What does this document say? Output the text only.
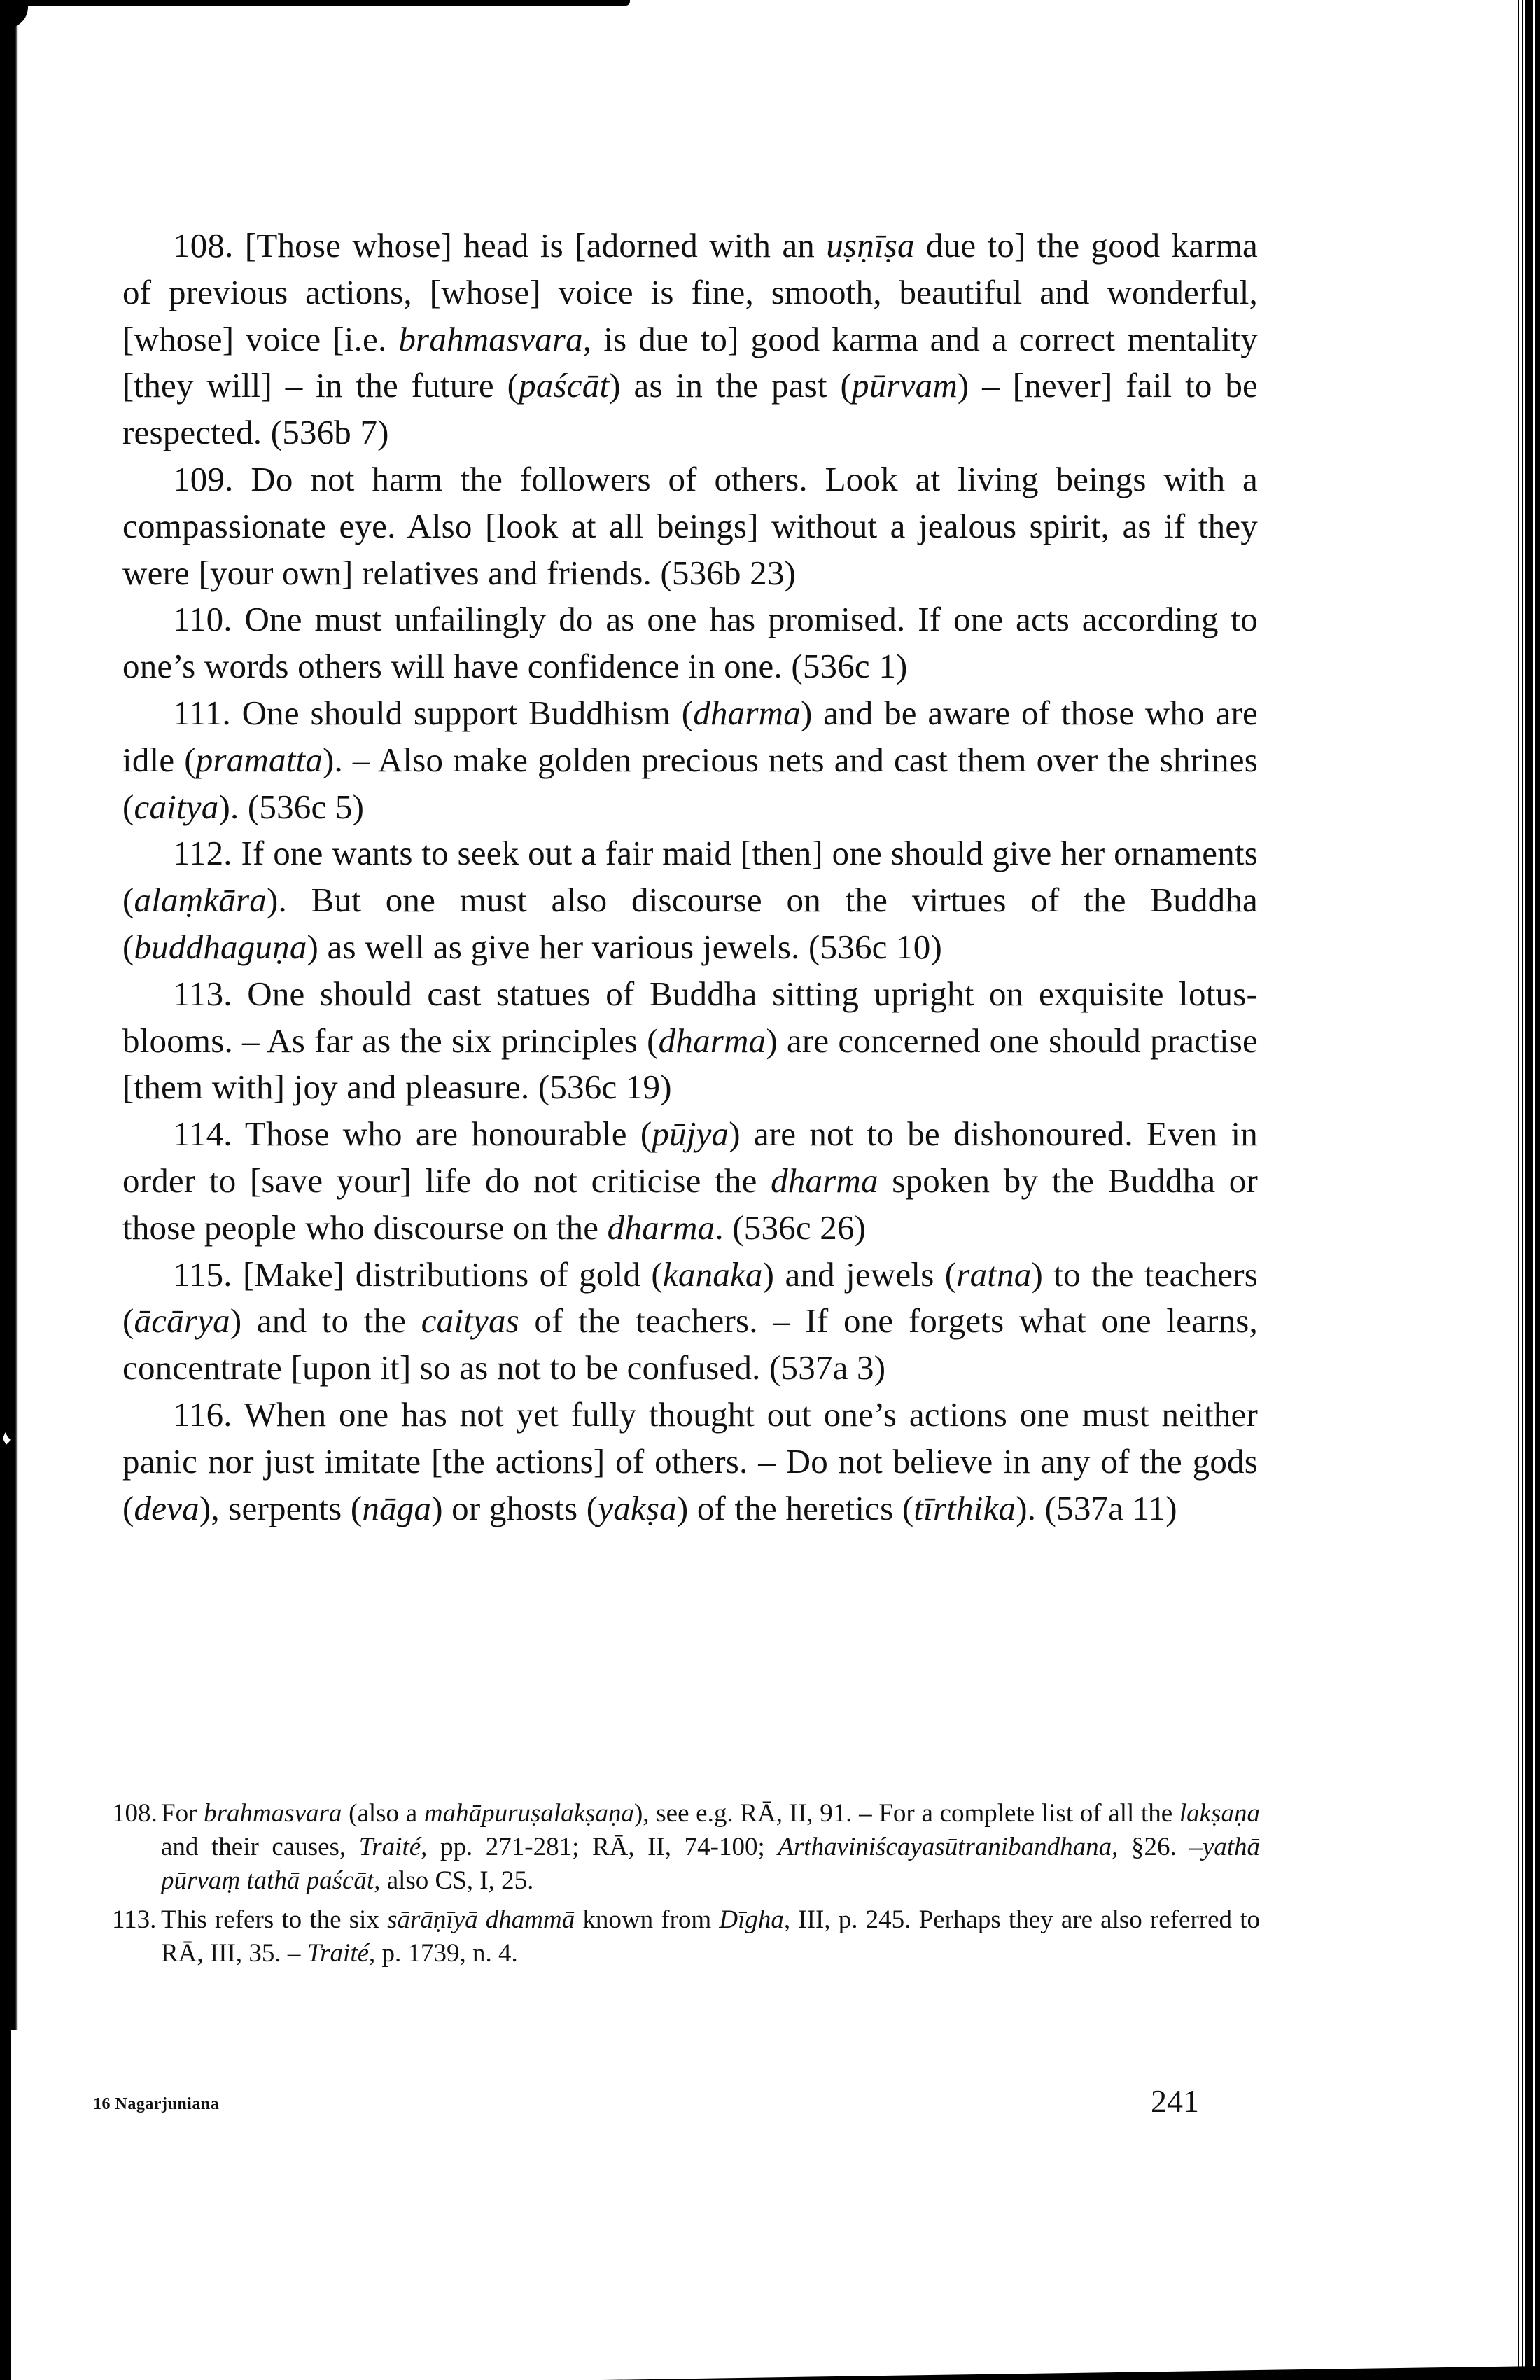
108. [Those whose] head is [adorned with an uṣṇīṣa due to] the good karma of previous actions, [whose] voice is fine, smooth, beautiful and wonderful, [whose] voice [i.e. brahmasvara, is due to] good karma and a correct mentality [they will] – in the future (paścāt) as in the past (pūrvam) – [never] fail to be respected. (536b 7)

109. Do not harm the followers of others. Look at living beings with a compassionate eye. Also [look at all beings] without a jealous spirit, as if they were [your own] relatives and friends. (536b 23)

110. One must unfailingly do as one has promised. If one acts according to one’s words others will have confidence in one. (536c 1)

111. One should support Buddhism (dharma) and be aware of those who are idle (pramatta). – Also make golden precious nets and cast them over the shrines (caitya). (536c 5)

112. If one wants to seek out a fair maid [then] one should give her ornaments (alaṃkāra). But one must also discourse on the virtues of the Buddha (buddhaguṇa) as well as give her various jewels. (536c 10)

113. One should cast statues of Buddha sitting upright on exquisite lotus-blooms. – As far as the six principles (dharma) are concerned one should practise [them with] joy and pleasure. (536c 19)

114. Those who are honourable (pūjya) are not to be dishonoured. Even in order to [save your] life do not criticise the dharma spoken by the Buddha or those people who discourse on the dharma. (536c 26)

115. [Make] distributions of gold (kanaka) and jewels (ratna) to the teachers (ācārya) and to the caityas of the teachers. – If one forgets what one learns, concentrate [upon it] so as not to be confused. (537a 3)

116. When one has not yet fully thought out one’s actions one must neither panic nor just imitate [the actions] of others. – Do not believe in any of the gods (deva), serpents (nāga) or ghosts (yakṣa) of the heretics (tīrthika). (537a 11)

108. For brahmasvara (also a mahāpuruṣalakṣaṇa), see e.g. RĀ, II, 91. – For a complete list of all the lakṣaṇa and their causes, Traité, pp. 271-281; RĀ, II, 74-100; Arthaviniścayasūtranibandhana, §26. –yathā pūrvaṃ tathā paścāt, also CS, I, 25.

113. This refers to the six sārāṇīyā dhammā known from Dīgha, III, p. 245. Perhaps they are also referred to RĀ, III, 35. – Traité, p. 1739, n. 4.

16 Nagarjuniana	241
